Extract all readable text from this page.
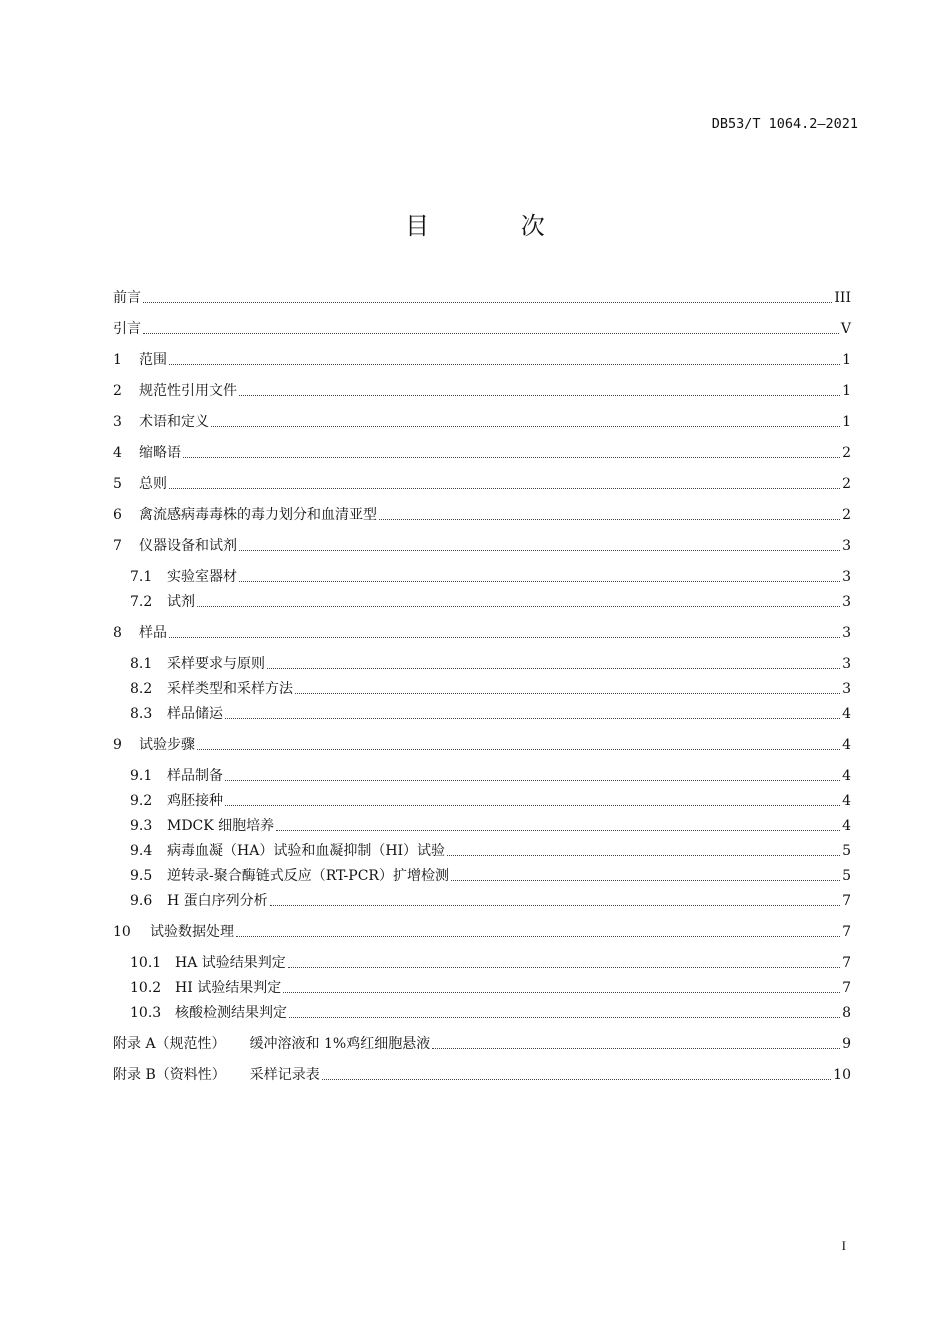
DB53/T 1064.2—2021
目 次
前言	III
引言	V
1	范围	1
2	规范性引用文件	1
3	术语和定义	1
4	缩略语	2
5	总则	2
6	禽流感病毒毒株的毒力划分和血清亚型	2
7	仪器设备和试剂	3
7.1	实验室器材	3
7.2	试剂	3
8	样品	3
8.1	采样要求与原则	3
8.2	采样类型和采样方法	3
8.3	样品储运	4
9	试验步骤	4
9.1	样品制备	4
9.2	鸡胚接种	4
9.3	MDCK 细胞培养	4
9.4	病毒血凝（HA）试验和血凝抑制（HI）试验	5
9.5	逆转录-聚合酶链式反应（RT-PCR）扩增检测	5
9.6	H 蛋白序列分析	7
10	试验数据处理	7
10.1 HA 试验结果判定	7
10.2 HI 试验结果判定	7
10.3 核酸检测结果判定	8
附录 A（规范性） 缓冲溶液和 1%鸡红细胞悬液	9
附录 B（资料性） 采样记录表	10
I
